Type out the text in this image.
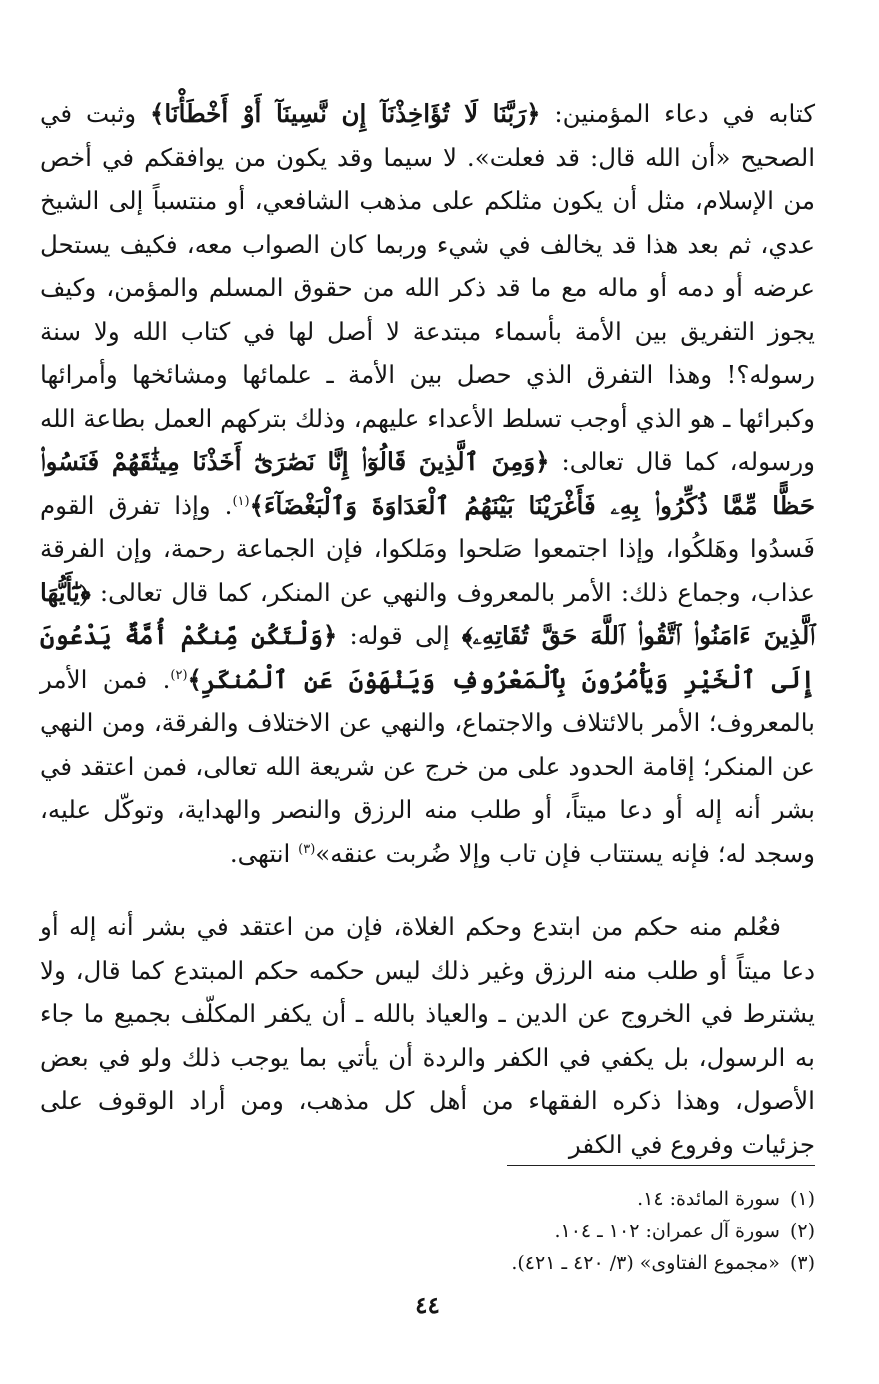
كتابه في دعاء المؤمنين: ﴿رَبَّنَا لَا تُؤَاخِذْنَآ إِن نَّسِينَآ أَوْ أَخْطَأْنَا﴾ وثبت في الصحيح «أن الله قال: قد فعلت». لا سيما وقد يكون من يوافقكم في أخص من الإسلام، مثل أن يكون مثلكم على مذهب الشافعي، أو منتسباً إلى الشيخ عدي، ثم بعد هذا قد يخالف في شيء وربما كان الصواب معه، فكيف يستحل عرضه أو دمه أو ماله مع ما قد ذكر الله من حقوق المسلم والمؤمن، وكيف يجوز التفريق بين الأمة بأسماء مبتدعة لا أصل لها في كتاب الله ولا سنة رسوله؟! وهذا التفرق الذي حصل بين الأمة ـ علمائها ومشائخها وأمرائها وكبرائها ـ هو الذي أوجب تسلط الأعداء عليهم، وذلك بتركهم العمل بطاعة الله ورسوله، كما قال تعالى: ﴿وَمِنَ ٱلَّذِينَ قَالُوٓا۟ إِنَّا نَصَٰرَىٰٓ أَخَذْنَا مِيثَٰقَهُمْ فَنَسُوا۟ حَظًّا مِّمَّا ذُكِّرُوا۟ بِهِۦ فَأَغْرَيْنَا بَيْنَهُمُ ٱلْعَدَاوَةَ وَٱلْبَغْضَآءَ﴾$^{(١)}$. وإذا تفرق القوم فَسدُوا وهَلكُوا، وإذا اجتمعوا صَلحوا ومَلكوا، فإن الجماعة رحمة، وإن الفرقة عذاب، وجماع ذلك: الأمر بالمعروف والنهي عن المنكر، كما قال تعالى: ﴿يَٰٓأَيُّهَا ٱلَّذِينَ ءَامَنُوا۟ ٱتَّقُوا۟ ٱللَّهَ حَقَّ تُقَاتِهِۦ﴾ إلى قوله: ﴿وَلْتَكُن مِّنكُمْ أُمَّةٌ يَدْعُونَ إِلَى ٱلْخَيْرِ وَيَأْمُرُونَ بِٱلْمَعْرُوفِ وَيَنْهَوْنَ عَنِ ٱلْمُنكَرِ﴾$^{(٢)}$. فمن الأمر بالمعروف؛ الأمر بالائتلاف والاجتماع، والنهي عن الاختلاف والفرقة، ومن النهي عن المنكر؛ إقامة الحدود على من خرج عن شريعة الله تعالى، فمن اعتقد في بشر أنه إله أو دعا ميتاً، أو طلب منه الرزق والنصر والهداية، وتوكّل عليه، وسجد له؛ فإنه يستتاب فإن تاب وإلا ضُربت عنقه»$^{(٣)}$ انتهى.

فعُلم منه حكم من ابتدع وحكم الغلاة، فإن من اعتقد في بشر أنه إله أو دعا ميتاً أو طلب منه الرزق وغير ذلك ليس حكمه حكم المبتدع كما قال، ولا يشترط في الخروج عن الدين ـ والعياذ بالله ـ أن يكفر المكلّف بجميع ما جاء به الرسول، بل يكفي في الكفر والردة أن يأتي بما يوجب ذلك ولو في بعض الأصول، وهذا ذكره الفقهاء من أهل كل مذهب، ومن أراد الوقوف على جزئيات وفروع في الكفر

(١)سورة المائدة: ١٤.
(٢)سورة آل عمران: ١٠٢ ـ ١٠٤.
(٣)«مجموع الفتاوى» (٣/ ٤٢٠ ـ ٤٢١).
٤٤
